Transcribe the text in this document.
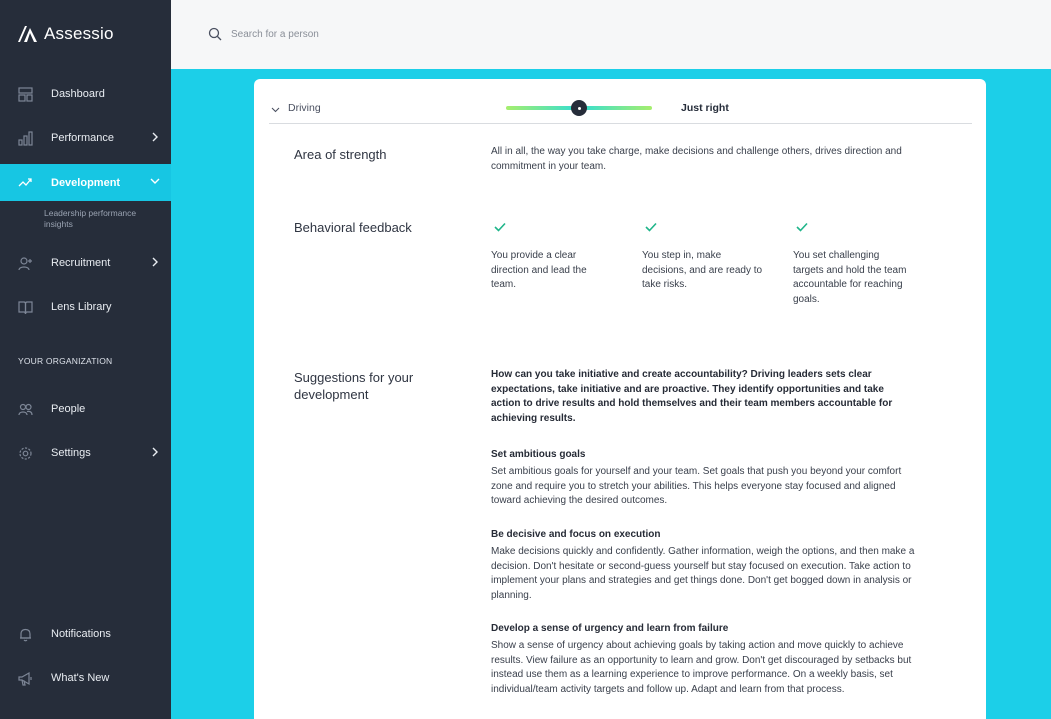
Assessio
Dashboard
Performance
Development
Leadership performance insights
Recruitment
Lens Library
YOUR ORGANIZATION
People
Settings
Notifications
What's New
Search for a person
Driving	Just right
Area of strength	All in all, the way you take charge, make decisions and challenge others, drives direction and commitment in your team.
Behavioral feedback
You provide a clear direction and lead the team.
You step in, make decisions, and are ready to take risks.
You set challenging targets and hold the team accountable for reaching goals.
Suggestions for your development
How can you take initiative and create accountability? Driving leaders sets clear expectations, take initiative and are proactive. They identify opportunities and take action to drive results and hold themselves and their team members accountable for achieving results.
Set ambitious goals
Set ambitious goals for yourself and your team. Set goals that push you beyond your comfort zone and require you to stretch your abilities. This helps everyone stay focused and aligned toward achieving the desired outcomes.
Be decisive and focus on execution
Make decisions quickly and confidently. Gather information, weigh the options, and then make a decision. Don't hesitate or second-guess yourself but stay focused on execution. Take action to implement your plans and strategies and get things done. Don't get bogged down in analysis or planning.
Develop a sense of urgency and learn from failure
Show a sense of urgency about achieving goals by taking action and move quickly to achieve results. View failure as an opportunity to learn and grow. Don't get discouraged by setbacks but instead use them as a learning experience to improve performance. On a weekly basis, set individual/team activity targets and follow up. Adapt and learn from that process.
